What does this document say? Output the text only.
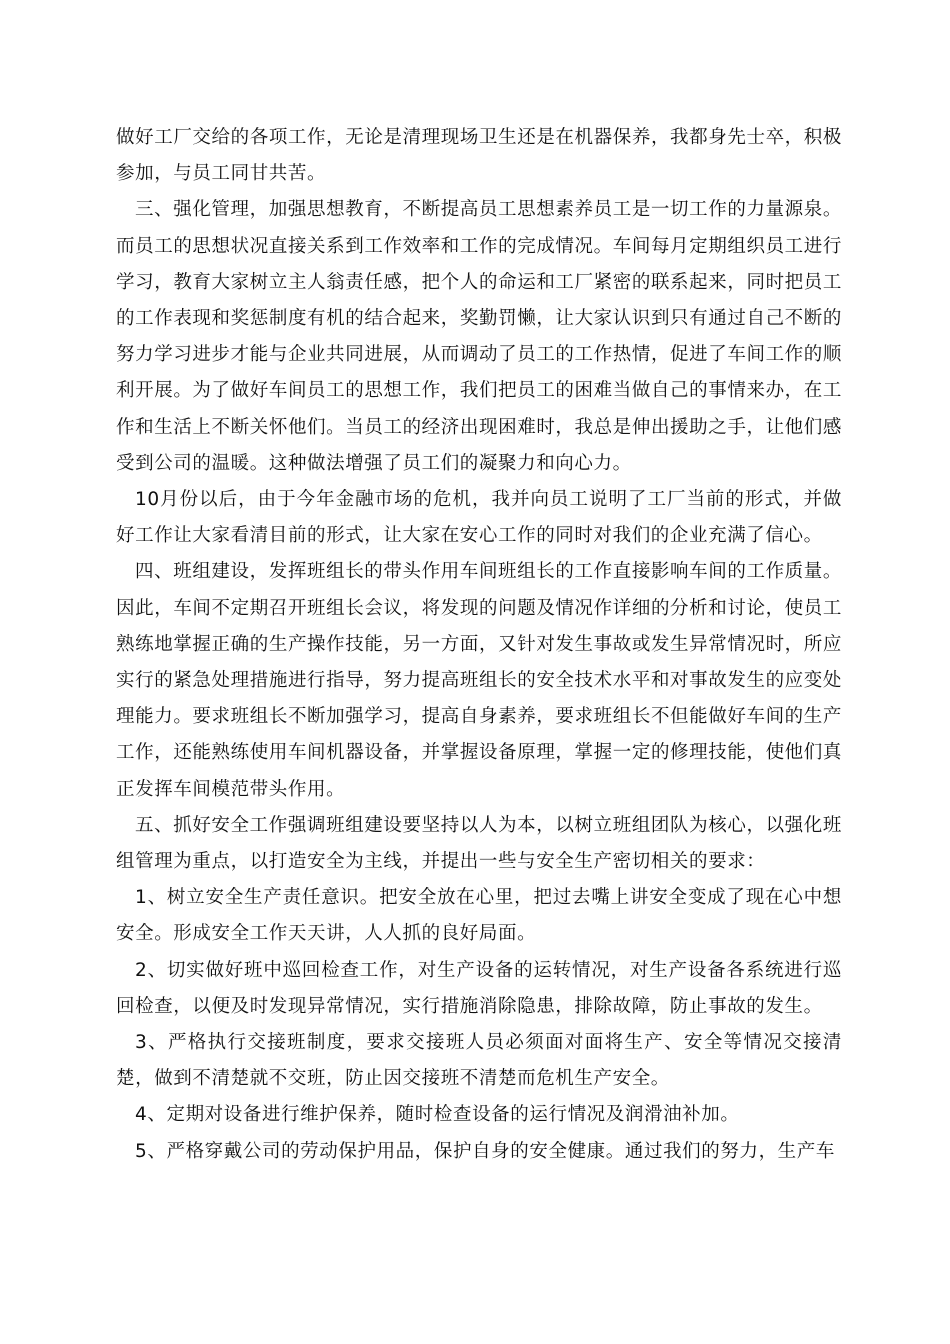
做好工厂交给的各项工作，无论是清理现场卫生还是在机器保养，我都身先士卒，积极参加，与员工同甘共苦。

三、强化管理，加强思想教育，不断提高员工思想素养员工是一切工作的力量源泉。而员工的思想状况直接关系到工作效率和工作的完成情况。车间每月定期组织员工进行学习，教育大家树立主人翁责任感，把个人的命运和工厂紧密的联系起来，同时把员工的工作表现和奖惩制度有机的结合起来，奖勤罚懒，让大家认识到只有通过自己不断的努力学习进步才能与企业共同进展，从而调动了员工的工作热情，促进了车间工作的顺利开展。为了做好车间员工的思想工作，我们把员工的困难当做自己的事情来办，在工作和生活上不断关怀他们。当员工的经济出现困难时，我总是伸出援助之手，让他们感受到公司的温暖。这种做法增强了员工们的凝聚力和向心力。

10月份以后，由于今年金融市场的危机，我并向员工说明了工厂当前的形式，并做好工作让大家看清目前的形式，让大家在安心工作的同时对我们的企业充满了信心。

四、班组建设，发挥班组长的带头作用车间班组长的工作直接影响车间的工作质量。因此，车间不定期召开班组长会议，将发现的问题及情况作详细的分析和讨论，使员工熟练地掌握正确的生产操作技能，另一方面，又针对发生事故或发生异常情况时，所应实行的紧急处理措施进行指导，努力提高班组长的安全技术水平和对事故发生的应变处理能力。要求班组长不断加强学习，提高自身素养，要求班组长不但能做好车间的生产工作，还能熟练使用车间机器设备，并掌握设备原理，掌握一定的修理技能，使他们真正发挥车间模范带头作用。

五、抓好安全工作强调班组建设要坚持以人为本，以树立班组团队为核心，以强化班组管理为重点，以打造安全为主线，并提出一些与安全生产密切相关的要求：

1、树立安全生产责任意识。把安全放在心里，把过去嘴上讲安全变成了现在心中想安全。形成安全工作天天讲，人人抓的良好局面。

2、切实做好班中巡回检查工作，对生产设备的运转情况，对生产设备各系统进行巡回检查，以便及时发现异常情况，实行措施消除隐患，排除故障，防止事故的发生。

3、严格执行交接班制度，要求交接班人员必须面对面将生产、安全等情况交接清楚，做到不清楚就不交班，防止因交接班不清楚而危机生产安全。

4、定期对设备进行维护保养，随时检查设备的运行情况及润滑油补加。

5、严格穿戴公司的劳动保护用品，保护自身的安全健康。通过我们的努力，生产车
